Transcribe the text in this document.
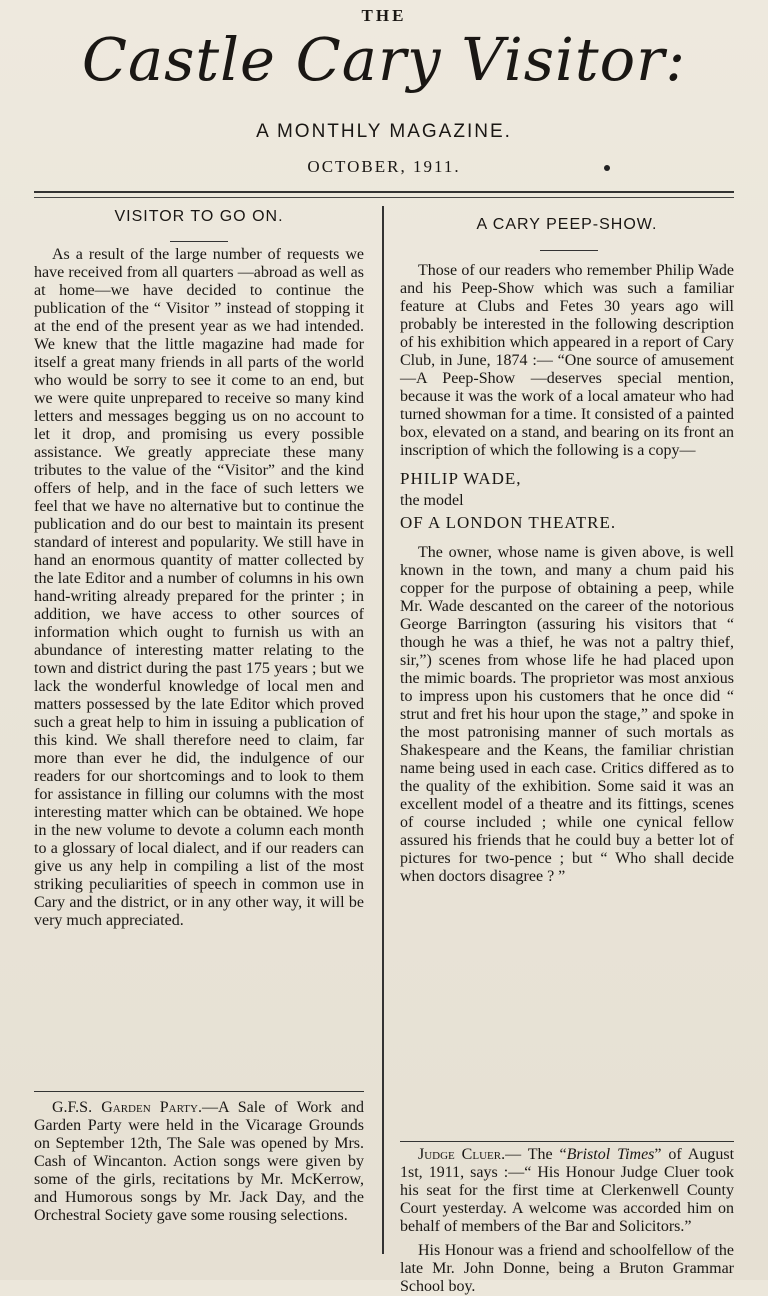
THE
Castle Cary Visitor:
A MONTHLY MAGAZINE.
OCTOBER, 1911.
VISITOR TO GO ON.

As a result of the large number of requests we have received from all quarters —abroad as well as at home—we have decided to continue the publication of the “ Visitor ” instead of stopping it at the end of the present year as we had intended. We knew that the little magazine had made for itself a great many friends in all parts of the world who would be sorry to see it come to an end, but we were quite unprepared to receive so many kind letters and messages begging us on no account to let it drop, and promising us every possible assistance. We greatly appreciate these many tributes to the value of the “Visitor” and the kind offers of help, and in the face of such letters we feel that we have no alternative but to continue the publication and do our best to maintain its present standard of interest and popularity. We still have in hand an enormous quantity of matter collected by the late Editor and a number of columns in his own hand-writing already prepared for the printer ; in addition, we have access to other sources of information which ought to furnish us with an abundance of interesting matter relating to the town and district during the past 175 years ; but we lack the wonderful knowledge of local men and matters possessed by the late Editor which proved such a great help to him in issuing a publication of this kind. We shall therefore need to claim, far more than ever he did, the indulgence of our readers for our shortcomings and to look to them for assistance in filling our columns with the most interesting matter which can be obtained. We hope in the new volume to devote a column each month to a glossary of local dialect, and if our readers can give us any help in compiling a list of the most striking peculiarities of speech in common use in Cary and the district, or in any other way, it will be very much appreciated.

G.F.S. Garden Party.—A Sale of Work and Garden Party were held in the Vicarage Grounds on September 12th, The Sale was opened by Mrs. Cash of Wincanton. Action songs were given by some of the girls, recitations by Mr. McKerrow, and Humorous songs by Mr. Jack Day, and the Orchestral Society gave some rousing selections.

A CARY PEEP-SHOW.

Those of our readers who remember Philip Wade and his Peep-Show which was such a familiar feature at Clubs and Fetes 30 years ago will probably be interested in the following description of his exhibition which appeared in a report of Cary Club, in June, 1874 :— “One source of amusement—A Peep-Show —deserves special mention, because it was the work of a local amateur who had turned showman for a time. It consisted of a painted box, elevated on a stand, and bearing on its front an inscription of which the following is a copy—

PHILIP WADE,

the model

OF A LONDON THEATRE.

The owner, whose name is given above, is well known in the town, and many a chum paid his copper for the purpose of obtaining a peep, while Mr. Wade descanted on the career of the notorious George Barrington (assuring his visitors that “ though he was a thief, he was not a paltry thief, sir,”) scenes from whose life he had placed upon the mimic boards. The proprietor was most anxious to impress upon his customers that he once did “ strut and fret his hour upon the stage,” and spoke in the most patronising manner of such mortals as Shakespeare and the Keans, the familiar christian name being used in each case. Critics differed as to the quality of the exhibition. Some said it was an excellent model of a theatre and its fittings, scenes of course included ; while one cynical fellow assured his friends that he could buy a better lot of pictures for two-pence ; but “ Who shall decide when doctors disagree ? ”

Judge Cluer.— The “Bristol Times” of August 1st, 1911, says :—“ His Honour Judge Cluer took his seat for the first time at Clerkenwell County Court yesterday. A welcome was accorded him on behalf of members of the Bar and Solicitors.”

His Honour was a friend and schoolfellow of the late Mr. John Donne, being a Bruton Grammar School boy.
